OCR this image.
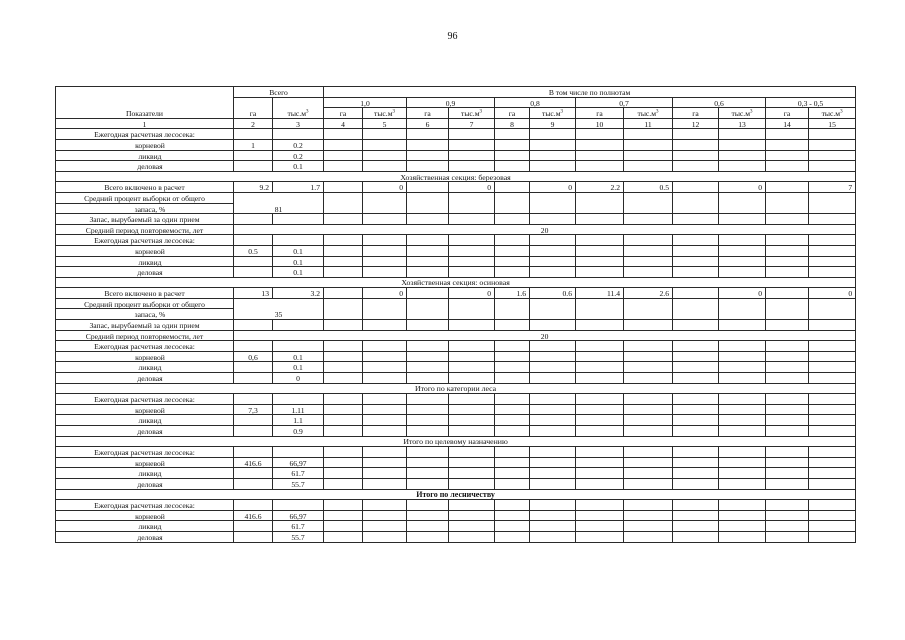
96
Показатели	Всего		В том числе по полнотам											
	га	$тыс.м^3$	1,0		0,9		0,8		0,7		0,6		0,3 - 0,5	
			га	$тыс.м^3$	га	$тыс.м^3$	га	$тыс.м^3$	га	$тыс.м^3$	га	$тыс.м^3$	га	$тыс.м^3$
1	2	3	4	5	6	7	8	9	10	11	12	13	14	15
Ежегодная расчетная лесосека:														
корневой	1	0.2												
ликвид		0.2												
деловая		0.1												
Хозяйственная секция: березовая														
Всего включено в расчет	9.2	1.7		0		0		0	2.2	0.5		0		7
Средний процент выборки от общего	81													
запаса, %														
Запас, вырубаемый за один прием														
Средний период повторяемости, лет	20													
Ежегодная расчетная лесосека:														
корневой	0.5	0.1												
ликвид		0.1												
деловая		0.1												
Хозяйственная секция: осиновая														
Всего включено в расчет	13	3.2		0		0	1.6	0.6	11.4	2.6		0		0
Средний процент выборки от общего	35													
запаса, %														
Запас, вырубаемый за один прием														
Средний период повторяемости, лет	20													
Ежегодная расчетная лесосека:														
корневой	0,6	0.1												
ликвид		0.1												
деловая		0												
Итого по категории леса														
Ежегодная расчетная лесосека:														
корневой	7,3	1.11												
ликвид		1.1												
деловая		0.9												
Итого по целевому назначению														
Ежегодная расчетная лесосека:														
корневой	416.6	66,97												
ликвид		61.7												
деловая		55.7												
Итого по лесничеству														
Ежегодная расчетная лесосека:														
корневой	416.6	66,97												
ликвид		61.7												
деловая		55.7												
